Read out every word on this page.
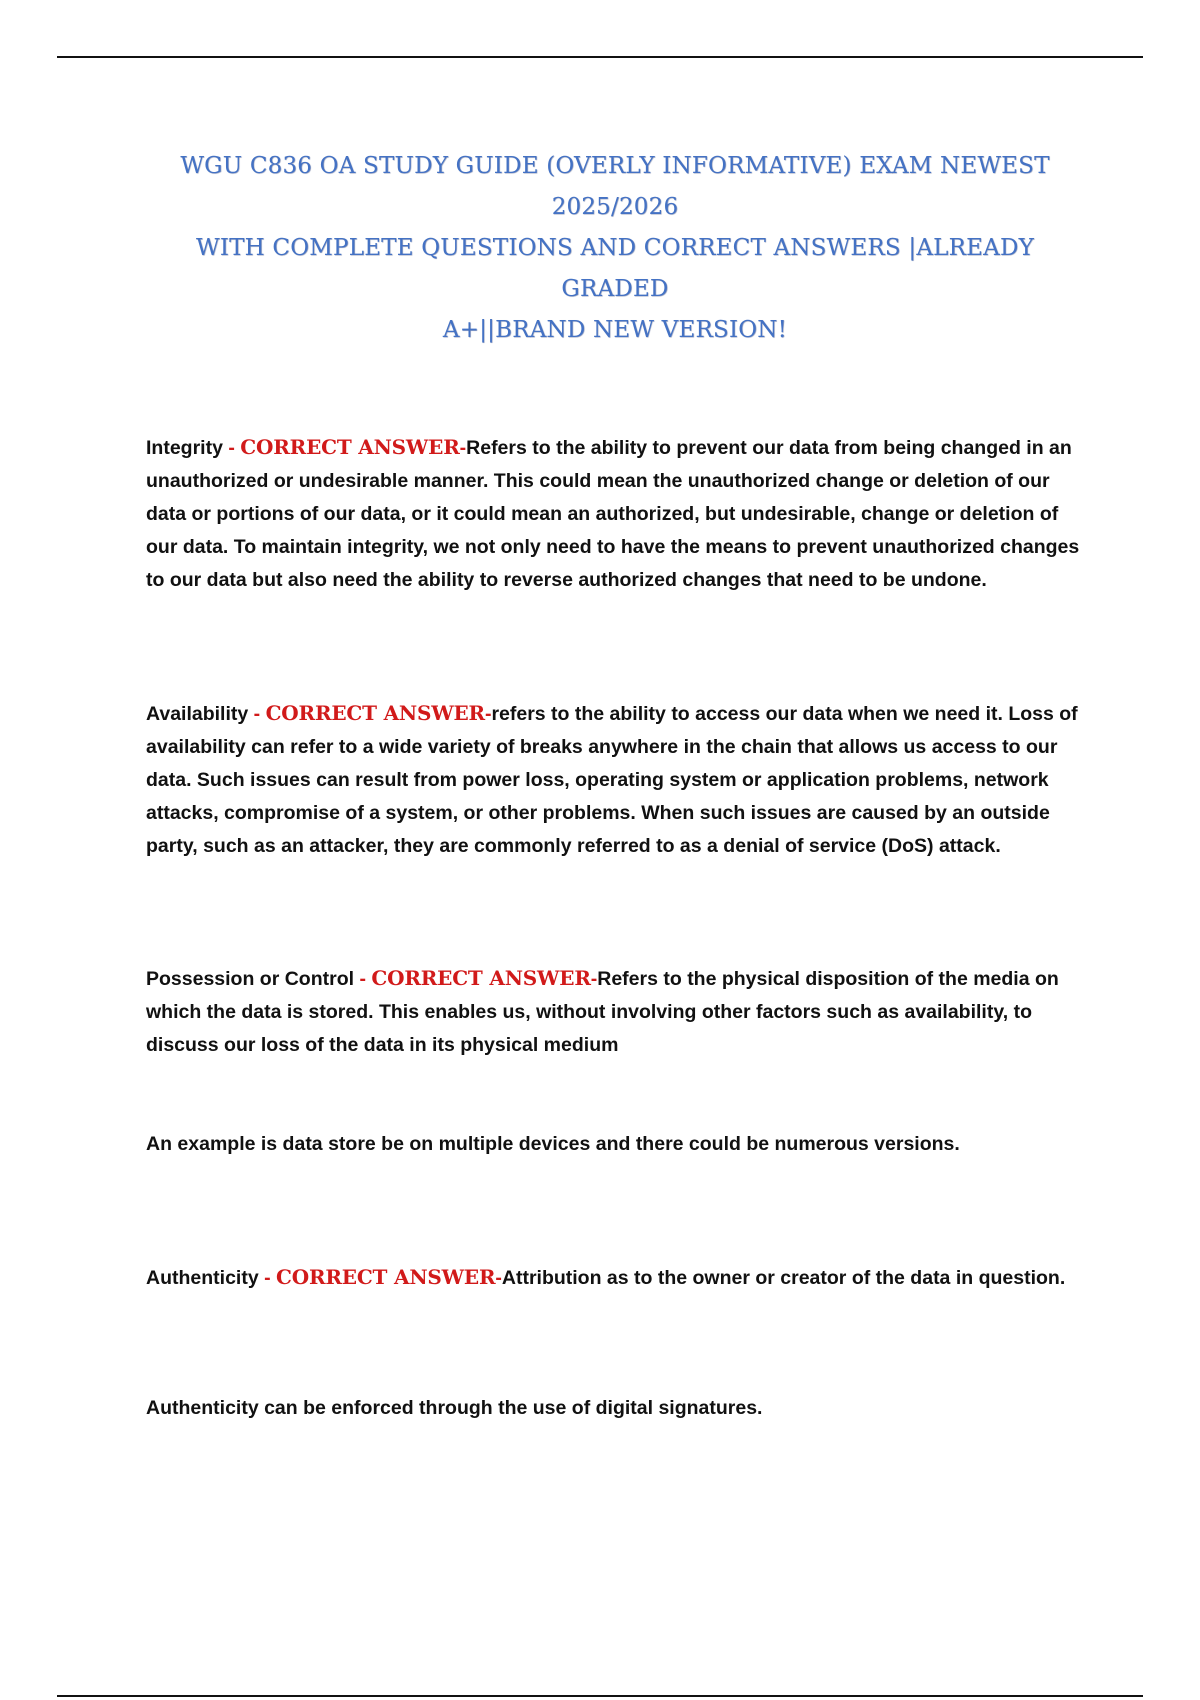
WGU C836 OA STUDY GUIDE (OVERLY INFORMATIVE) EXAM NEWEST 2025/2026
WITH COMPLETE QUESTIONS AND CORRECT ANSWERS |ALREADY GRADED
A+||BRAND NEW VERSION!
Integrity - CORRECT ANSWER-Refers to the ability to prevent our data from being changed in an unauthorized or undesirable manner. This could mean the unauthorized change or deletion of our data or portions of our data, or it could mean an authorized, but undesirable, change or deletion of our data. To maintain integrity, we not only need to have the means to prevent unauthorized changes to our data but also need the ability to reverse authorized changes that need to be undone.
Availability - CORRECT ANSWER-refers to the ability to access our data when we need it. Loss of availability can refer to a wide variety of breaks anywhere in the chain that allows us access to our data. Such issues can result from power loss, operating system or application problems, network attacks, compromise of a system, or other problems. When such issues are caused by an outside party, such as an attacker, they are commonly referred to as a denial of service (DoS) attack.
Possession or Control - CORRECT ANSWER-Refers to the physical disposition of the media on which the data is stored. This enables us, without involving other factors such as availability, to discuss our loss of the data in its physical medium
An example is data store be on multiple devices and there could be numerous versions.
Authenticity - CORRECT ANSWER-Attribution as to the owner or creator of the data in question.
Authenticity can be enforced through the use of digital signatures.
